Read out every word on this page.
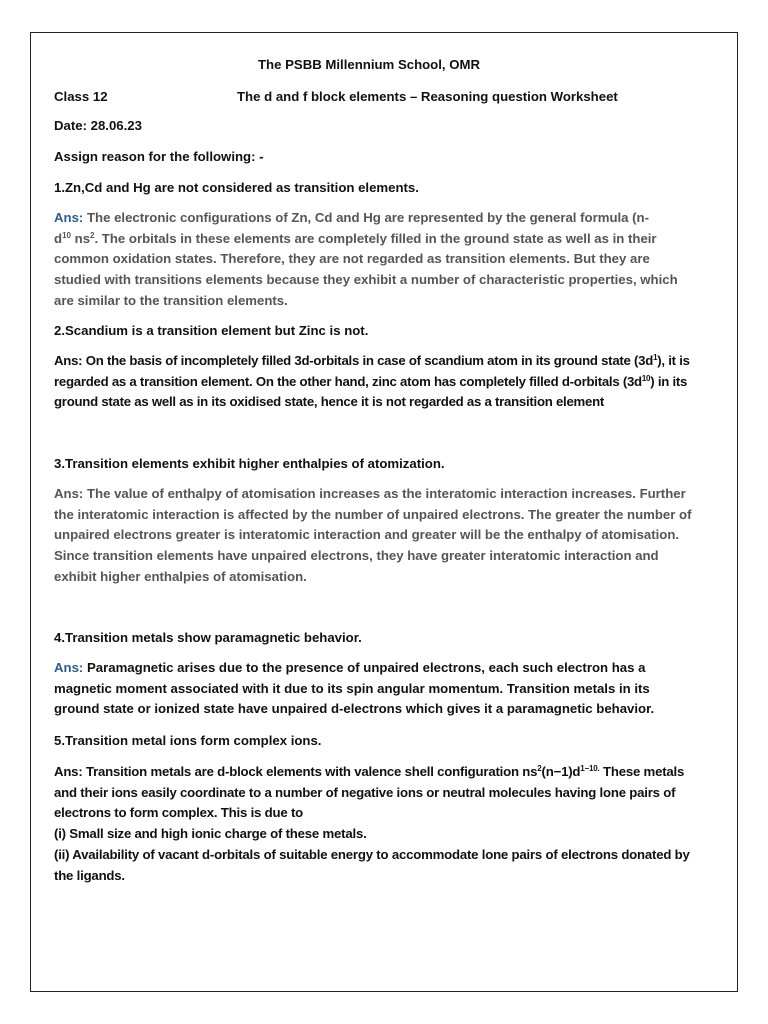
The PSBB Millennium School, OMR
Class 12	The d and f block elements – Reasoning question Worksheet
Date: 28.06.23
Assign reason for the following: -
1.Zn,Cd and Hg are not considered as transition elements.
Ans: The electronic configurations of Zn, Cd and Hg are represented by the general formula (n-
$d^{10}$ $ns^2$. The orbitals in these elements are completely filled in the ground state as well as in their common oxidation states. Therefore, they are not regarded as transition elements. But they are studied with transitions elements because they exhibit a number of characteristic properties, which are similar to the transition elements.
2.Scandium is a transition element but Zinc is not.
Ans: On the basis of incompletely filled 3d-orbitals in case of scandium atom in its ground state $(3d^1)$, it is regarded as a transition element. On the other hand, zinc atom has completely filled d-orbitals $(3d^{10})$ in its ground state as well as in its oxidised state, hence it is not regarded as a transition element
3.Transition elements exhibit higher enthalpies of atomization.
Ans: The value of enthalpy of atomisation increases as the interatomic interaction increases. Further the interatomic interaction is affected by the number of unpaired electrons. The greater the number of unpaired electrons greater is interatomic interaction and greater will be the enthalpy of atomisation. Since transition elements have unpaired electrons, they have greater interatomic interaction and exhibit higher enthalpies of atomisation.
4.Transition metals show paramagnetic behavior.
Ans: Paramagnetic arises due to the presence of unpaired electrons, each such electron has a magnetic moment associated with it due to its spin angular momentum. Transition metals in its ground state or ionized state have unpaired d-electrons which gives it a paramagnetic behavior.
5.Transition metal ions form complex ions.
Ans: Transition metals are d-block elements with valence shell configuration $ns^2(n-1)d^{1-10.}$ These metals and their ions easily coordinate to a number of negative ions or neutral molecules having lone pairs of electrons to form complex. This is due to
(i) Small size and high ionic charge of these metals.
(ii) Availability of vacant d-orbitals of suitable energy to accommodate lone pairs of electrons donated by the ligands.
